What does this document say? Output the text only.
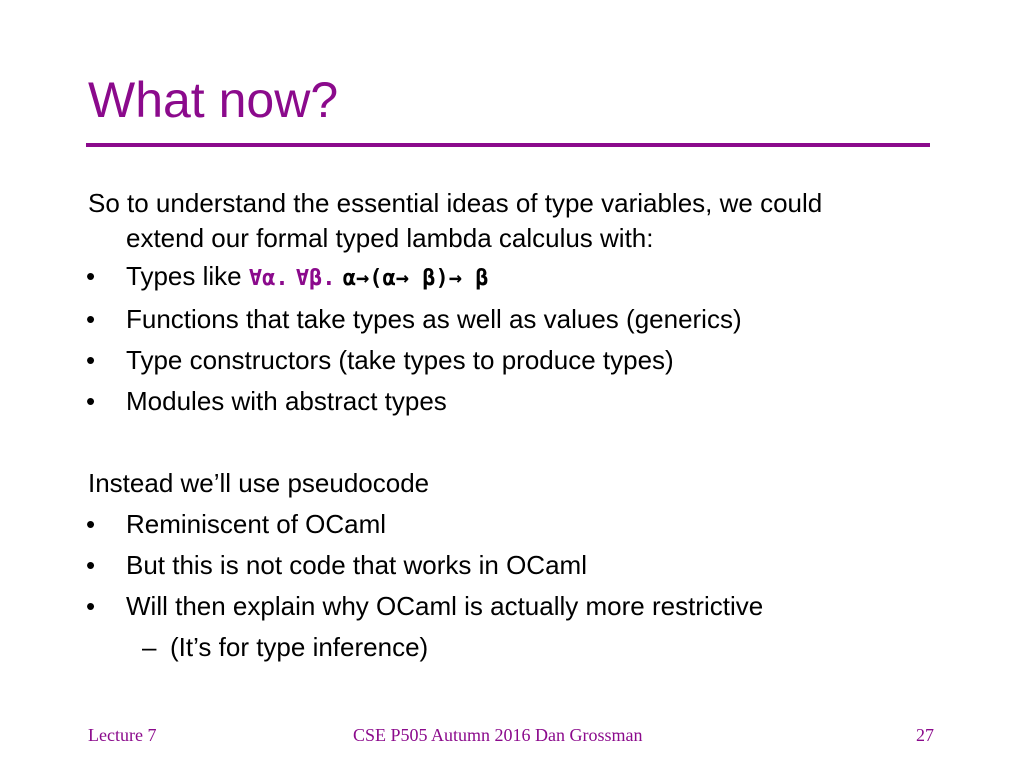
What now?
So to understand the essential ideas of type variables, we could
extend our formal typed lambda calculus with:
• Types like ∀α. ∀β. α→(α→ β)→ β
• Functions that take types as well as values (generics)
• Type constructors (take types to produce types)
• Modules with abstract types
Instead we’ll use pseudocode
• Reminiscent of OCaml
• But this is not code that works in OCaml
• Will then explain why OCaml is actually more restrictive
– (It’s for type inference)
Lecture 7	CSE P505 Autumn 2016 Dan Grossman	27
